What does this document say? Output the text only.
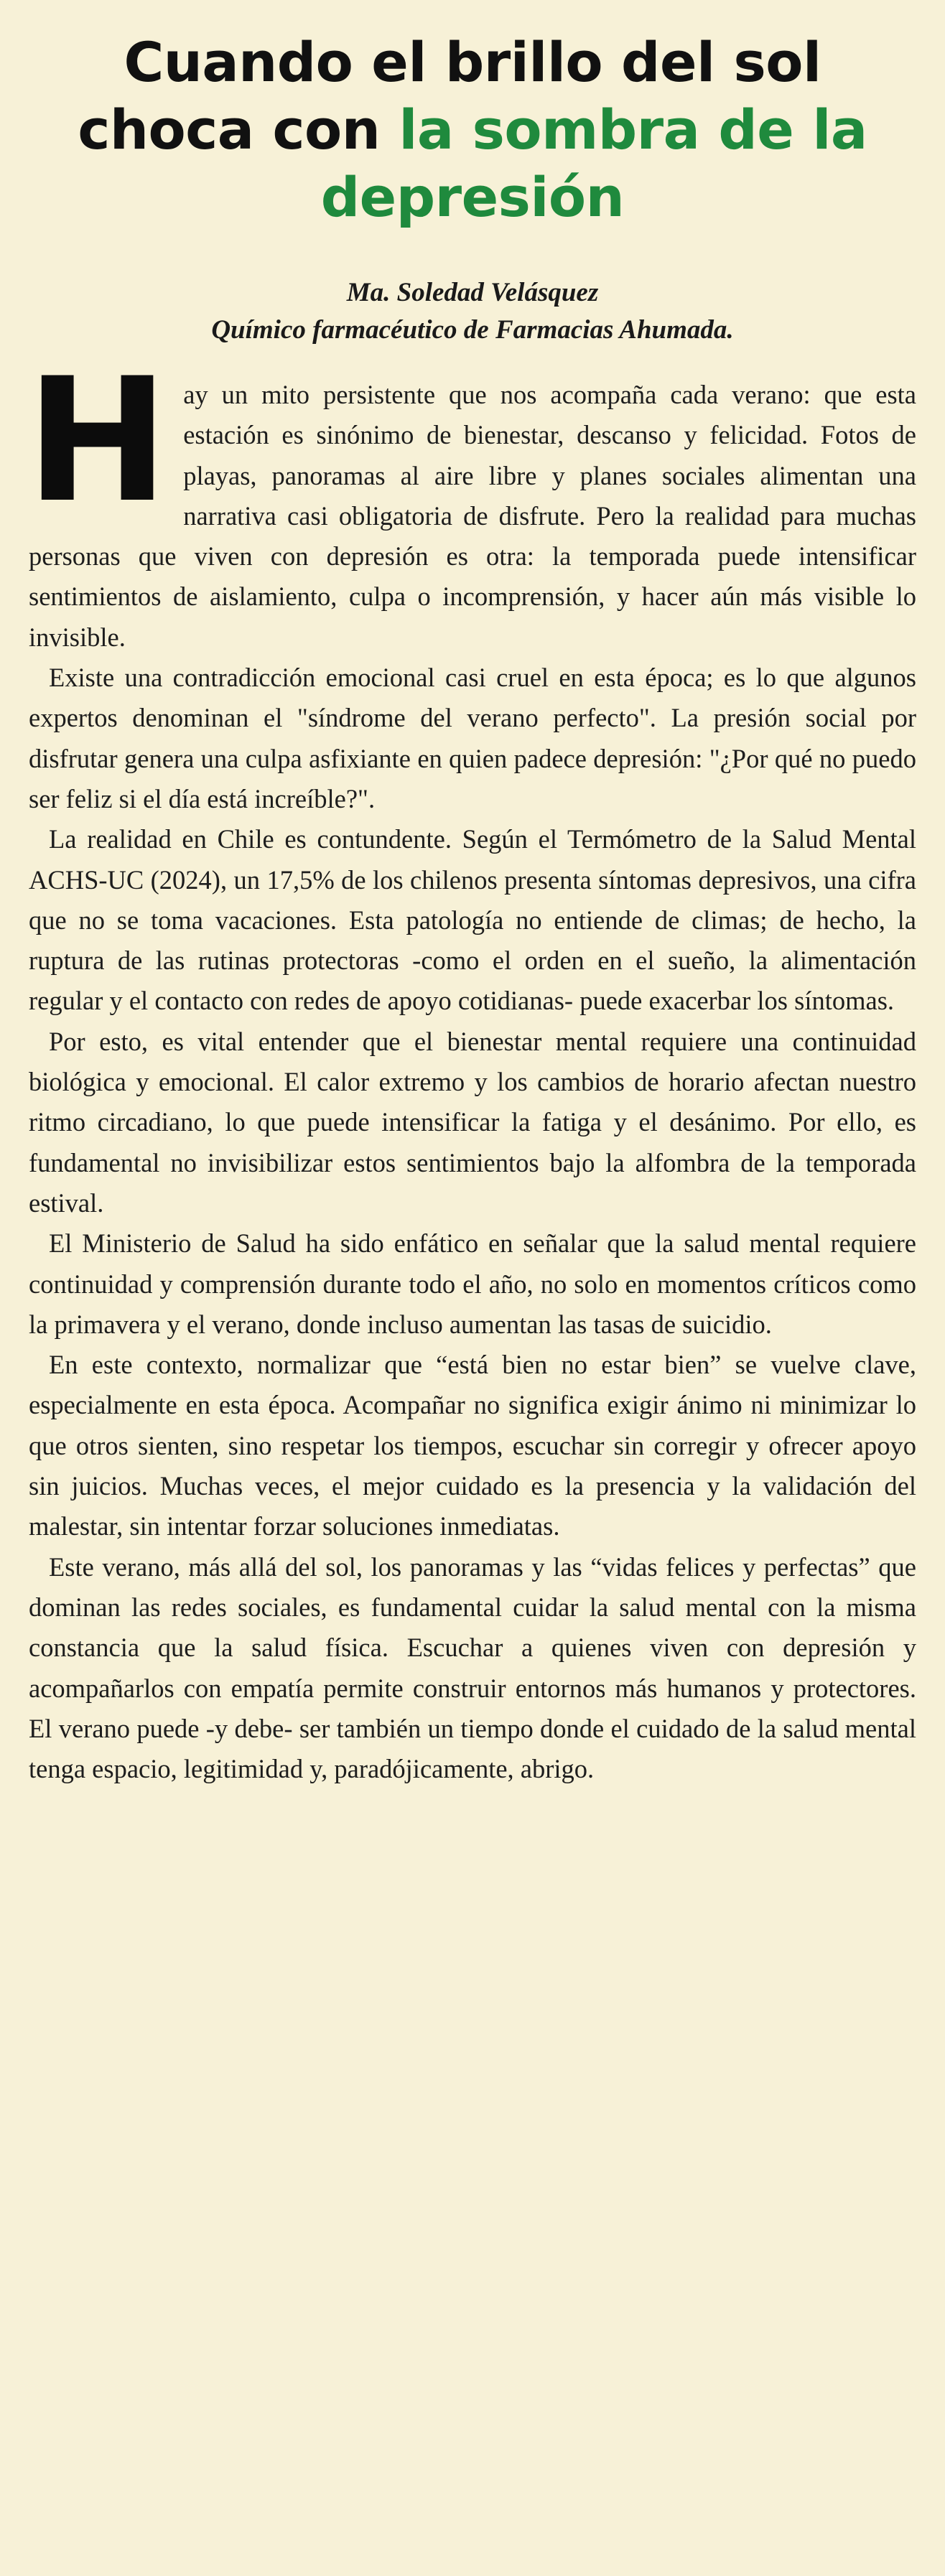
Cuando el brillo del sol choca con la sombra de la depresión
Ma. Soledad Velásquez
Químico farmacéutico de Farmacias Ahumada.

Hay un mito persistente que nos acompaña cada verano: que esta estación es sinónimo de bienestar, descanso y felicidad. Fotos de playas, panoramas al aire libre y planes sociales alimentan una narrativa casi obligatoria de disfrute. Pero la realidad para muchas personas que viven con depresión es otra: la temporada puede intensificar sentimientos de aislamiento, culpa o incomprensión, y hacer aún más visible lo invisible.

Existe una contradicción emocional casi cruel en esta época; es lo que algunos expertos denominan el "síndrome del verano perfecto". La presión social por disfrutar genera una culpa asfixiante en quien padece depresión: "¿Por qué no puedo ser feliz si el día está increíble?".

La realidad en Chile es contundente. Según el Termómetro de la Salud Mental ACHS-UC (2024), un 17,5% de los chilenos presenta síntomas depresivos, una cifra que no se toma vacaciones. Esta patología no entiende de climas; de hecho, la ruptura de las rutinas protectoras -como el orden en el sueño, la alimentación regular y el contacto con redes de apoyo cotidianas- puede exacerbar los síntomas.

Por esto, es vital entender que el bienestar mental requiere una continuidad biológica y emocional. El calor extremo y los cambios de horario afectan nuestro ritmo circadiano, lo que puede intensificar la fatiga y el desánimo. Por ello, es fundamental no invisibilizar estos sentimientos bajo la alfombra de la temporada estival.

El Ministerio de Salud ha sido enfático en señalar que la salud mental requiere continuidad y comprensión durante todo el año, no solo en momentos críticos como la primavera y el verano, donde incluso aumentan las tasas de suicidio.

En este contexto, normalizar que “está bien no estar bien” se vuelve clave, especialmente en esta época. Acompañar no significa exigir ánimo ni minimizar lo que otros sienten, sino respetar los tiempos, escuchar sin corregir y ofrecer apoyo sin juicios. Muchas veces, el mejor cuidado es la presencia y la validación del malestar, sin intentar forzar soluciones inmediatas.

Este verano, más allá del sol, los panoramas y las “vidas felices y perfectas” que dominan las redes sociales, es fundamental cuidar la salud mental con la misma constancia que la salud física. Escuchar a quienes viven con depresión y acompañarlos con empatía permite construir entornos más humanos y protectores. El verano puede -y debe- ser también un tiempo donde el cuidado de la salud mental tenga espacio, legitimidad y, paradójicamente, abrigo.
